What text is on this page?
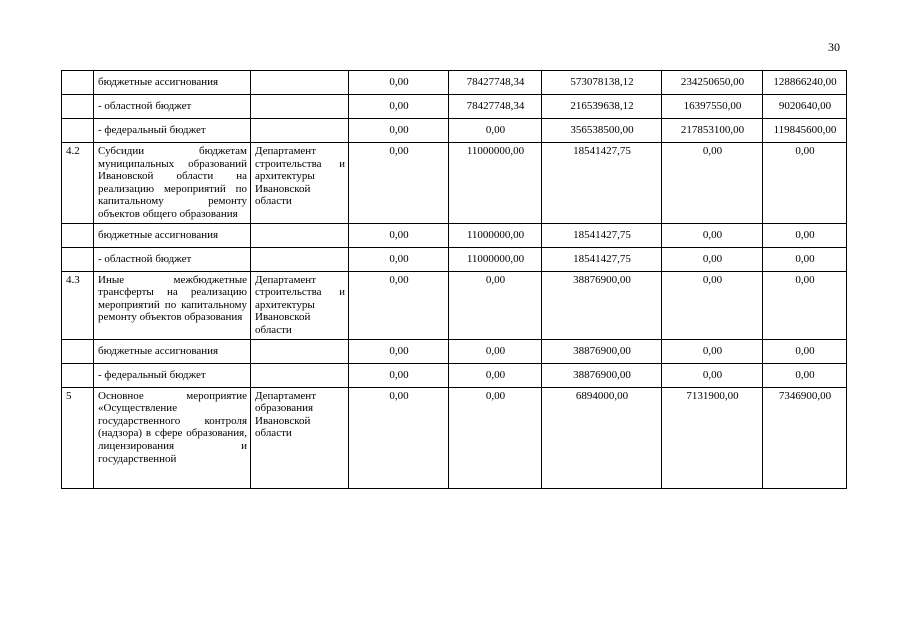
30
	бюджетные ассигнования		0,00	78427748,34	573078138,12	234250650,00	128866240,00
	- областной бюджет		0,00	78427748,34	216539638,12	16397550,00	9020640,00
	- федеральный бюджет		0,00	0,00	356538500,00	217853100,00	119845600,00
4.2	Субсидии бюджетам муниципальных образований Ивановской области на реализацию мероприятий по капитальному ремонту объектов общего образования	Департамент строительства и архитектуры Ивановской области	0,00	11000000,00	18541427,75	0,00	0,00
	бюджетные ассигнования		0,00	11000000,00	18541427,75	0,00	0,00
	- областной бюджет		0,00	11000000,00	18541427,75	0,00	0,00
4.3	Иные межбюджетные трансферты на реализацию мероприятий по капитальному ремонту объектов образования	Департамент строительства и архитектуры Ивановской области	0,00	0,00	38876900,00	0,00	0,00
	бюджетные ассигнования		0,00	0,00	38876900,00	0,00	0,00
	- федеральный бюджет		0,00	0,00	38876900,00	0,00	0,00
5	Основное мероприятие «Осуществление государственного контроля (надзора) в сфере образования, лицензирования и государственной	Департамент образования Ивановской области	0,00	0,00	6894000,00	7131900,00	7346900,00
